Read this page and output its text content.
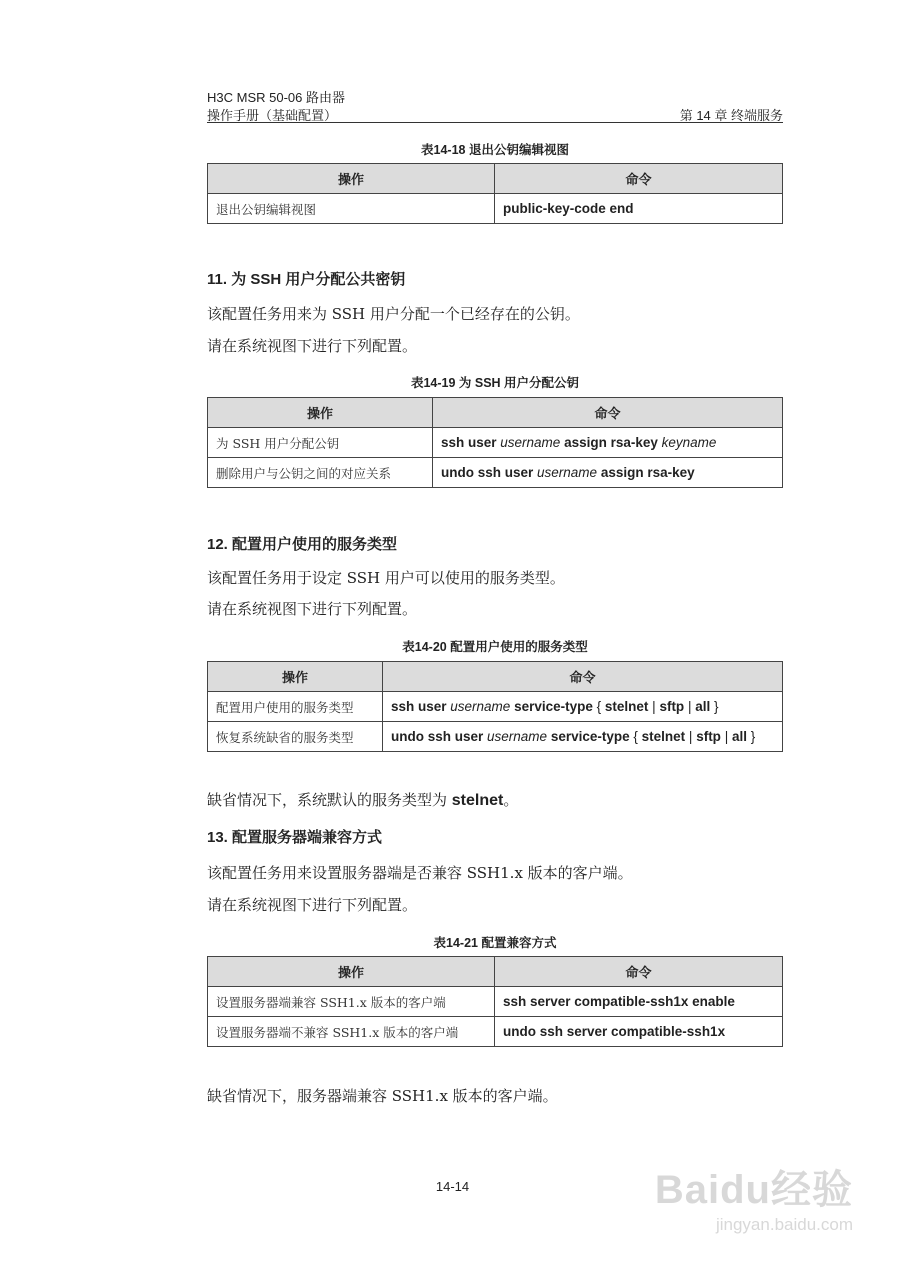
H3C MSR 50-06 路由器
操作手册（基础配置）	第 14 章 终端服务
表14-18 退出公钥编辑视图
操作	命令
退出公钥编辑视图	public-key-code end
11. 为 SSH 用户分配公共密钥
该配置任务用来为 SSH 用户分配一个已经存在的公钥。
请在系统视图下进行下列配置。
表14-19 为 SSH 用户分配公钥
操作	命令
为 SSH 用户分配公钥	ssh user username assign rsa-key keyname
删除用户与公钥之间的对应关系	undo ssh user username assign rsa-key
12. 配置用户使用的服务类型
该配置任务用于设定 SSH 用户可以使用的服务类型。
请在系统视图下进行下列配置。
表14-20 配置用户使用的服务类型
操作	命令
配置用户使用的服务类型	ssh user username service-type { stelnet | sftp | all }
恢复系统缺省的服务类型	undo ssh user username service-type { stelnet | sftp | all }
缺省情况下，系统默认的服务类型为 stelnet。
13. 配置服务器端兼容方式
该配置任务用来设置服务器端是否兼容 SSH1.x 版本的客户端。
请在系统视图下进行下列配置。
表14-21 配置兼容方式
操作	命令
设置服务器端兼容 SSH1.x 版本的客户端	ssh server compatible-ssh1x enable
设置服务器端不兼容 SSH1.x 版本的客户端	undo ssh server compatible-ssh1x
缺省情况下，服务器端兼容 SSH1.x 版本的客户端。
14-14	Baidu经验
jingyan.baidu.com
